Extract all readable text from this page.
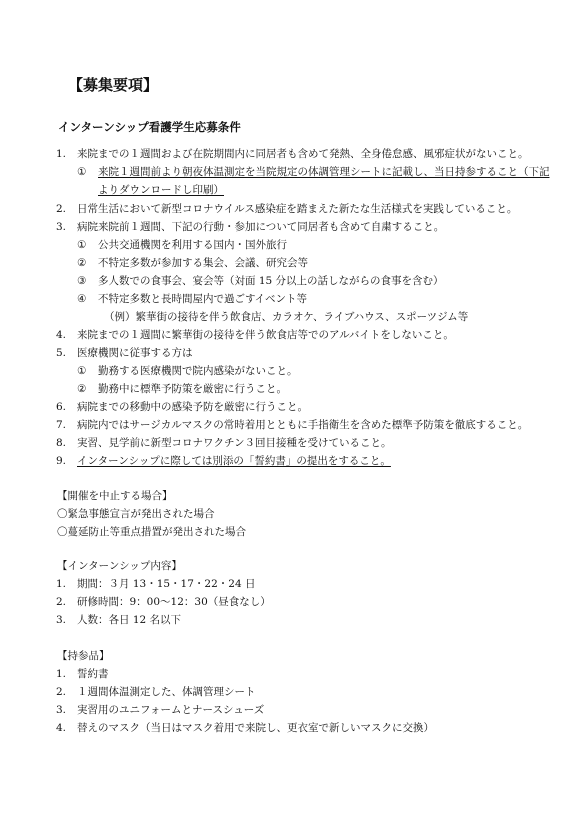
【募集要項】
インターンシップ看護学生応募条件
1. 来院までの１週間および在院期間内に同居者も含めて発熱、全身倦怠感、風邪症状がないこと。
① 来院１週間前より朝夜体温測定を当院規定の体調管理シートに記載し、当日持参すること（下記
よりダウンロードし印刷）
2. 日常生活において新型コロナウイルス感染症を踏まえた新たな生活様式を実践していること。
3. 病院来院前１週間、下記の行動・参加について同居者も含めて自粛すること。
① 公共交通機関を利用する国内・国外旅行
② 不特定多数が参加する集会、会議、研究会等
③ 多人数での食事会、宴会等（対面 15 分以上の話しながらの食事を含む）
④ 不特定多数と長時間屋内で過ごすイベント等
（例）繁華街の接待を伴う飲食店、カラオケ、ライブハウス、スポーツジム等
4. 来院までの１週間に繁華街の接待を伴う飲食店等でのアルバイトをしないこと。
5. 医療機関に従事する方は
① 勤務する医療機関で院内感染がないこと。
② 勤務中に標準予防策を厳密に行うこと。
6. 病院までの移動中の感染予防を厳密に行うこと。
7. 病院内ではサージカルマスクの常時着用とともに手指衛生を含めた標準予防策を徹底すること。
8. 実習、見学前に新型コロナワクチン３回目接種を受けていること。
9. インターンシップに際しては別添の「誓約書」の提出をすること。
【開催を中止する場合】
〇緊急事態宣言が発出された場合
〇蔓延防止等重点措置が発出された場合
【インターンシップ内容】
1. 期間：３月 13・15・17・22・24 日
2. 研修時間：9：00～12：30（昼食なし）
3. 人数：各日 12 名以下
【持参品】
1. 誓約書
2. １週間体温測定した、体調管理シート
3. 実習用のユニフォームとナースシューズ
4. 替えのマスク（当日はマスク着用で来院し、更衣室で新しいマスクに交換）
